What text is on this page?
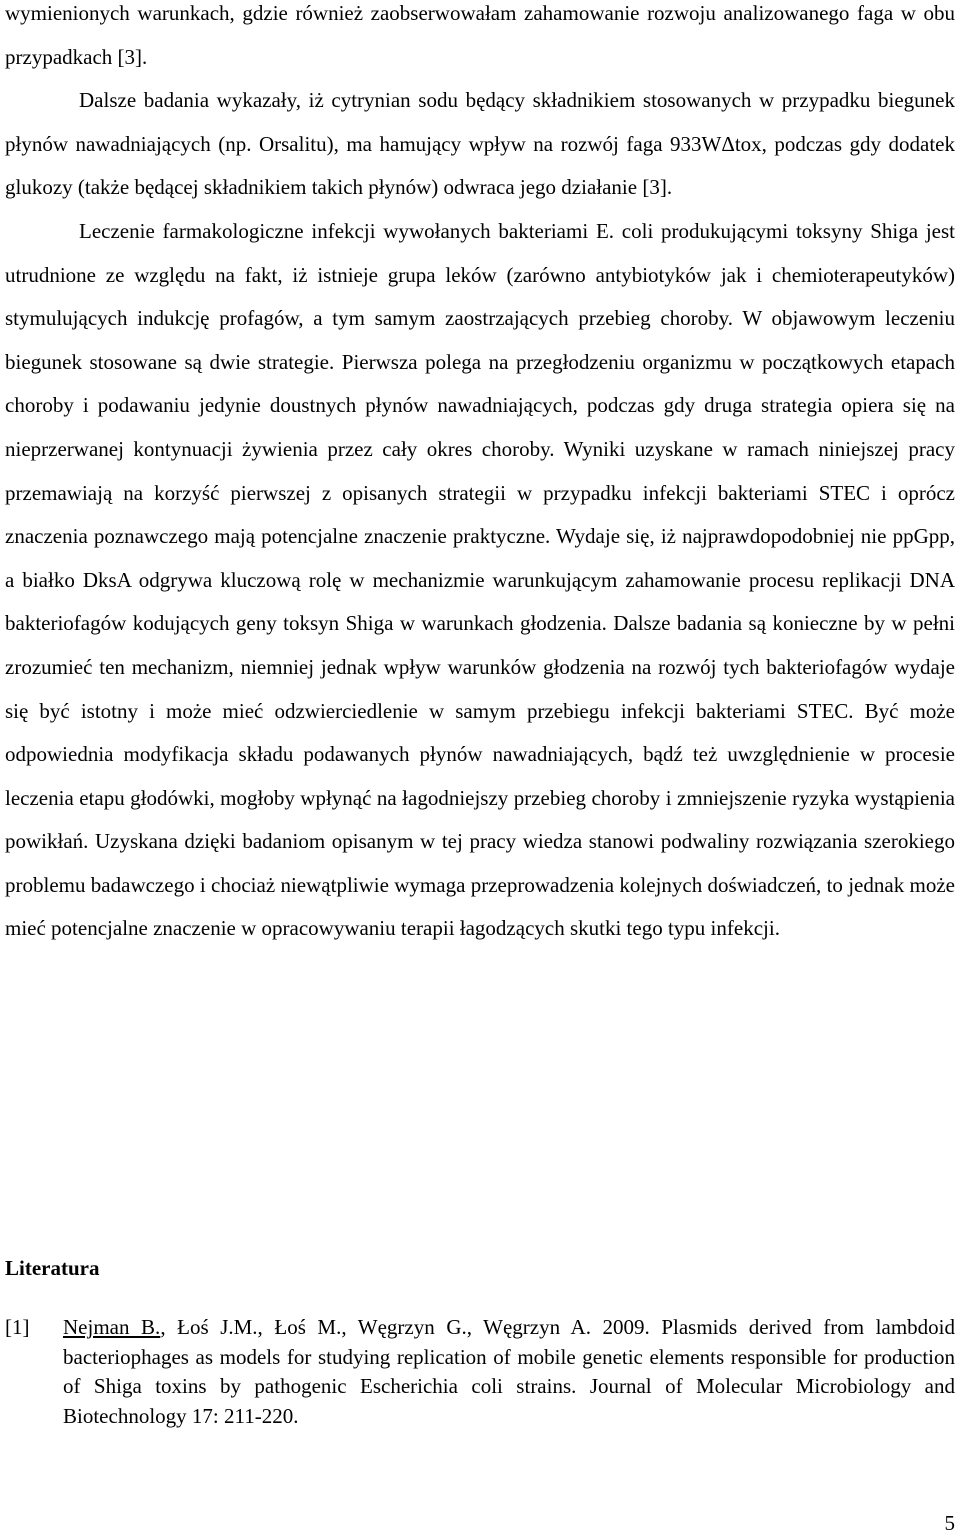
wymienionych warunkach, gdzie również zaobserwowałam zahamowanie rozwoju analizowanego faga w obu przypadkach [3].

Dalsze badania wykazały, iż cytrynian sodu będący składnikiem stosowanych w przypadku biegunek płynów nawadniających (np. Orsalitu), ma hamujący wpływ na rozwój faga 933WΔtox, podczas gdy dodatek glukozy (także będącej składnikiem takich płynów) odwraca jego działanie [3].

Leczenie farmakologiczne infekcji wywołanych bakteriami E. coli produkującymi toksyny Shiga jest utrudnione ze względu na fakt, iż istnieje grupa leków (zarówno antybiotyków jak i chemioterapeutyków) stymulujących indukcję profagów, a tym samym zaostrzających przebieg choroby. W objawowym leczeniu biegunek stosowane są dwie strategie. Pierwsza polega na przegłodzeniu organizmu w początkowych etapach choroby i podawaniu jedynie doustnych płynów nawadniających, podczas gdy druga strategia opiera się na nieprzerwanej kontynuacji żywienia przez cały okres choroby. Wyniki uzyskane w ramach niniejszej pracy przemawiają na korzyść pierwszej z opisanych strategii w przypadku infekcji bakteriami STEC i oprócz znaczenia poznawczego mają potencjalne znaczenie praktyczne. Wydaje się, iż najprawdopodobniej nie ppGpp, a białko DksA odgrywa kluczową rolę w mechanizmie warunkującym zahamowanie procesu replikacji DNA bakteriofagów kodujących geny toksyn Shiga w warunkach głodzenia. Dalsze badania są konieczne by w pełni zrozumieć ten mechanizm, niemniej jednak wpływ warunków głodzenia na rozwój tych bakteriofagów wydaje się być istotny i może mieć odzwierciedlenie w samym przebiegu infekcji bakteriami STEC. Być może odpowiednia modyfikacja składu podawanych płynów nawadniających, bądź też uwzględnienie w procesie leczenia etapu głodówki, mogłoby wpłynąć na łagodniejszy przebieg choroby i zmniejszenie ryzyka wystąpienia powikłań. Uzyskana dzięki badaniom opisanym w tej pracy wiedza stanowi podwaliny rozwiązania szerokiego problemu badawczego i chociaż niewątpliwie wymaga przeprowadzenia kolejnych doświadczeń, to jednak może mieć potencjalne znaczenie w opracowywaniu terapii łagodzących skutki tego typu infekcji.

Literatura
[1] Nejman B., Łoś J.M., Łoś M., Węgrzyn G., Węgrzyn A. 2009. Plasmids derived from lambdoid bacteriophages as models for studying replication of mobile genetic elements responsible for production of Shiga toxins by pathogenic Escherichia coli strains. Journal of Molecular Microbiology and Biotechnology 17: 211-220.
5
